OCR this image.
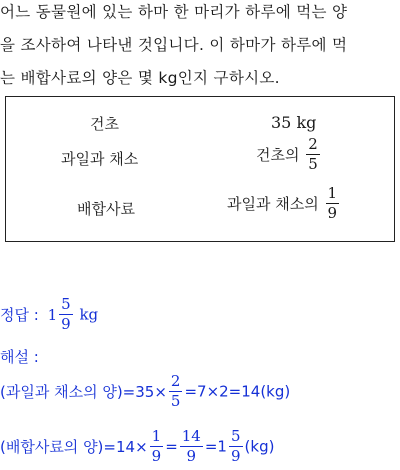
어느 동물원에 있는 하마 한 마리가 하루에 먹는 양
을 조사하여 나타낸 것입니다. 이 하마가 하루에 먹
는 배합사료의 양은 몇 kg인지 구하시오.
건초	35 kg
과일과 채소	건초의 $\frac{2}{5}$
배합사료	과일과 채소의 $\frac{1}{9}$
정답 : $1 \frac{5}{9}$ kg
해설 :
(과일과 채소의 양)$=35\times \frac{2}{5} =7\times 2=14(kg)$
(배합사료의 양)$=14\times \frac{1}{9} = \frac{14}{9} =1 \frac{5}{9} (kg)$
